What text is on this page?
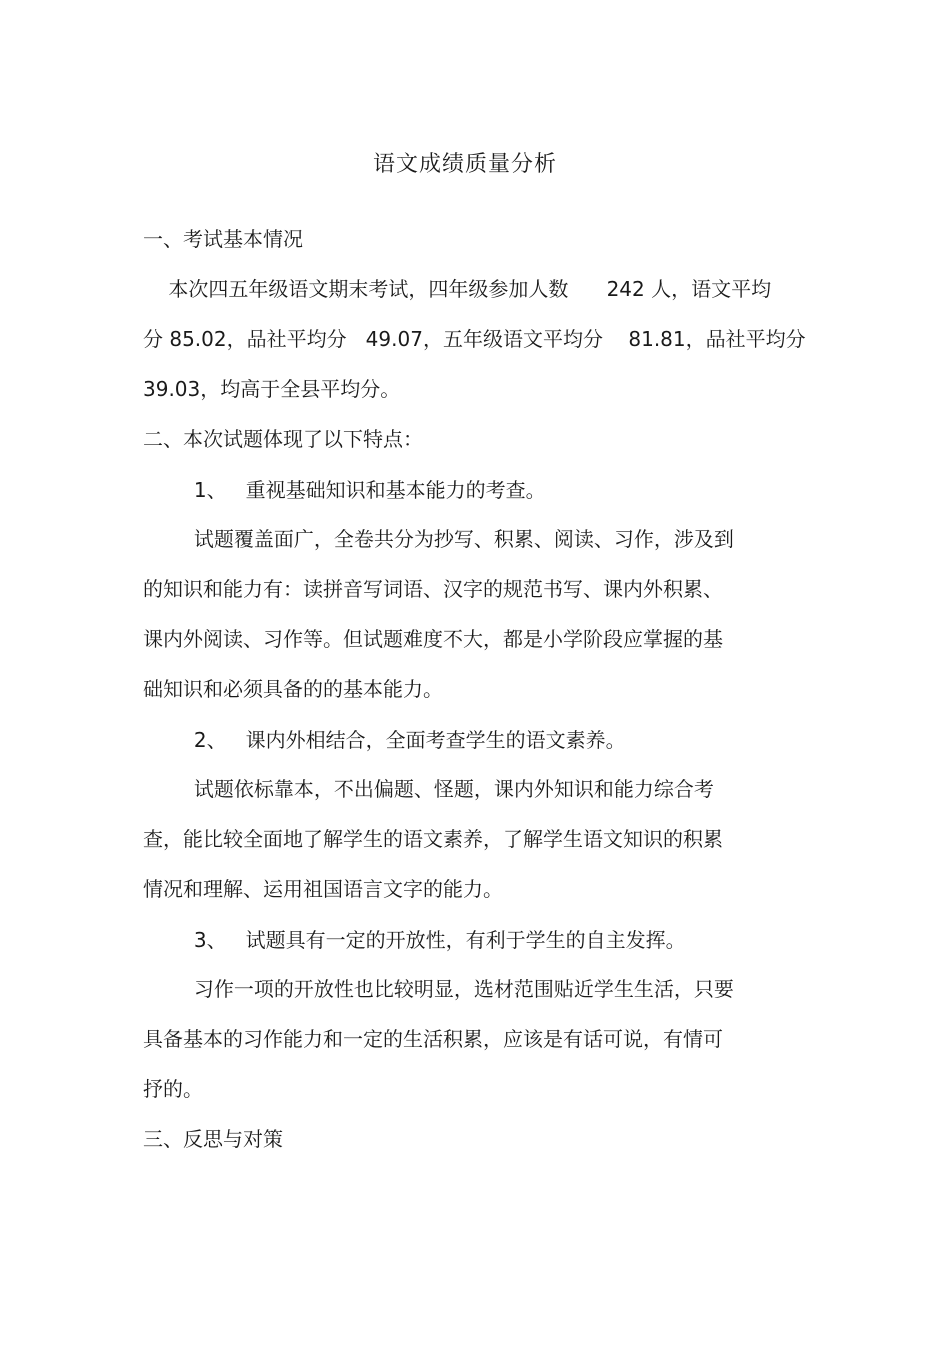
语文成绩质量分析
一、考试基本情况
本次四五年级语文期末考试，四年级参加人数      242 人，语文平均
分 85.02，品社平均分   49.07，五年级语文平均分    81.81，品社平均分
39.03，均高于全县平均分。
二、本次试题体现了以下特点：
1、   重视基础知识和基本能力的考查。
试题覆盖面广，全卷共分为抄写、积累、阅读、习作，涉及到
的知识和能力有：读拼音写词语、汉字的规范书写、课内外积累、
课内外阅读、习作等。但试题难度不大，都是小学阶段应掌握的基
础知识和必须具备的的基本能力。
2、   课内外相结合，全面考查学生的语文素养。
试题依标靠本，不出偏题、怪题，课内外知识和能力综合考
查，能比较全面地了解学生的语文素养，了解学生语文知识的积累
情况和理解、运用祖国语言文字的能力。
3、   试题具有一定的开放性，有利于学生的自主发挥。
习作一项的开放性也比较明显，选材范围贴近学生生活，只要
具备基本的习作能力和一定的生活积累，应该是有话可说，有情可
抒的。
三、反思与对策
